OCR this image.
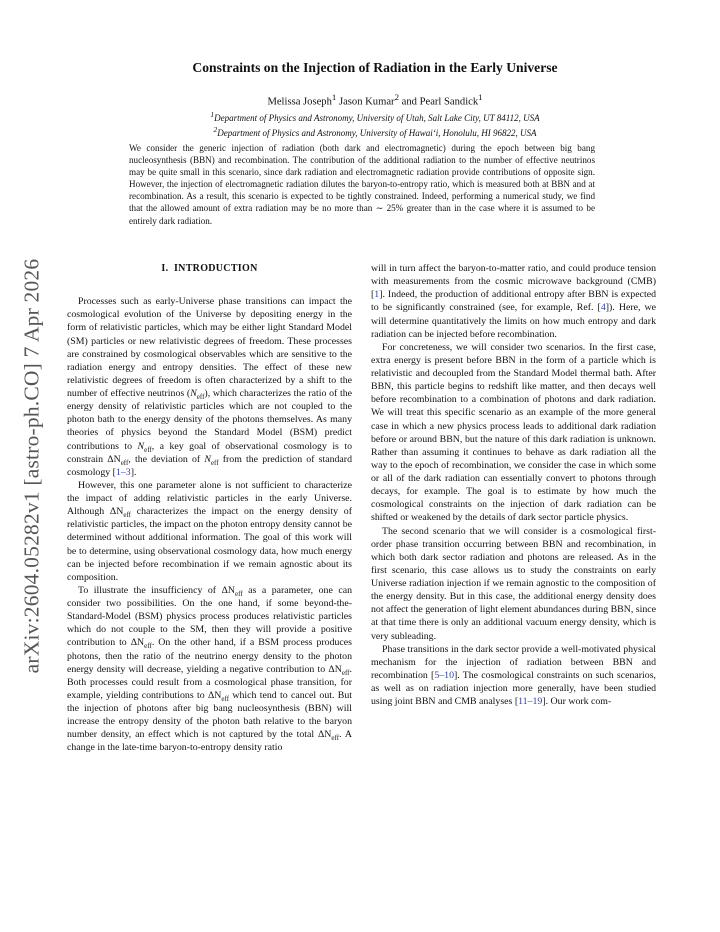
arXiv:2604.05282v1 [astro-ph.CO] 7 Apr 2026
Constraints on the Injection of Radiation in the Early Universe
Melissa Joseph$^1$ Jason Kumar$^2$ and Pearl Sandick$^1$
$^1$Department of Physics and Astronomy, University of Utah, Salt Lake City, UT 84112, USA
$^2$Department of Physics and Astronomy, University of Hawai‘i, Honolulu, HI 96822, USA

We consider the generic injection of radiation (both dark and electromagnetic) during the epoch between big bang nucleosynthesis (BBN) and recombination. The contribution of the additional radiation to the number of effective neutrinos may be quite small in this scenario, since dark radiation and electromagnetic radiation provide contributions of opposite sign. However, the injection of electromagnetic radiation dilutes the baryon-to-entropy ratio, which is measured both at BBN and at recombination. As a result, this scenario is expected to be tightly constrained. Indeed, performing a numerical study, we find that the allowed amount of extra radiation may be no more than ∼ 25% greater than in the case where it is assumed to be entirely dark radiation.

I. INTRODUCTION

Processes such as early-Universe phase transitions can impact the cosmological evolution of the Universe by depositing energy in the form of relativistic particles, which may be either light Standard Model (SM) particles or new relativistic degrees of freedom. These processes are constrained by cosmological observables which are sensitive to the radiation energy and entropy densities. The effect of these new relativistic degrees of freedom is often characterized by a shift to the number of effective neutrinos $(N_{eff})$, which characterizes the ratio of the energy density of relativistic particles which are not coupled to the photon bath to the energy density of the photons themselves. As many theories of physics beyond the Standard Model (BSM) predict contributions to $N_{eff}$, a key goal of observational cosmology is to constrain $\Delta N_{eff}$, the deviation of $N_{eff}$ from the prediction of standard cosmology [1–3].

However, this one parameter alone is not sufficient to characterize the impact of adding relativistic particles in the early Universe. Although $\Delta N_{eff}$ characterizes the impact on the energy density of relativistic particles, the impact on the photon entropy density cannot be determined without additional information. The goal of this work will be to determine, using observational cosmology data, how much energy can be injected before recombination if we remain agnostic about its composition.

To illustrate the insufficiency of $\Delta N_{eff}$ as a parameter, one can consider two possibilities. On the one hand, if some beyond-the-Standard-Model (BSM) physics process produces relativistic particles which do not couple to the SM, then they will provide a positive contribution to $\Delta N_{eff}$. On the other hand, if a BSM process produces photons, then the ratio of the neutrino energy density to the photon energy density will decrease, yielding a negative contribution to $\Delta N_{eff}$. Both processes could result from a cosmological phase transition, for example, yielding contributions to $\Delta N_{eff}$ which tend to cancel out. But the injection of photons after big bang nucleosynthesis (BBN) will increase the entropy density of the photon bath relative to the baryon number density, an effect which is not captured by the total $\Delta N_{eff}$. A change in the late-time baryon-to-entropy density ratio

will in turn affect the baryon-to-matter ratio, and could produce tension with measurements from the cosmic microwave background (CMB) [1]. Indeed, the production of additional entropy after BBN is expected to be significantly constrained (see, for example, Ref. [4]). Here, we will determine quantitatively the limits on how much entropy and dark radiation can be injected before recombination.

For concreteness, we will consider two scenarios. In the first case, extra energy is present before BBN in the form of a particle which is relativistic and decoupled from the Standard Model thermal bath. After BBN, this particle begins to redshift like matter, and then decays well before recombination to a combination of photons and dark radiation. We will treat this specific scenario as an example of the more general case in which a new physics process leads to additional dark radiation before or around BBN, but the nature of this dark radiation is unknown. Rather than assuming it continues to behave as dark radiation all the way to the epoch of recombination, we consider the case in which some or all of the dark radiation can essentially convert to photons through decays, for example. The goal is to estimate by how much the cosmological constraints on the injection of dark radiation can be shifted or weakened by the details of dark sector particle physics.

The second scenario that we will consider is a cosmological first-order phase transition occurring between BBN and recombination, in which both dark sector radiation and photons are released. As in the first scenario, this case allows us to study the constraints on early Universe radiation injection if we remain agnostic to the composition of the energy density. But in this case, the additional energy density does not affect the generation of light element abundances during BBN, since at that time there is only an additional vacuum energy density, which is very subleading.

Phase transitions in the dark sector provide a well-motivated physical mechanism for the injection of radiation between BBN and recombination [5–10]. The cosmological constraints on such scenarios, as well as on radiation injection more generally, have been studied using joint BBN and CMB analyses [11–19]. Our work com-
